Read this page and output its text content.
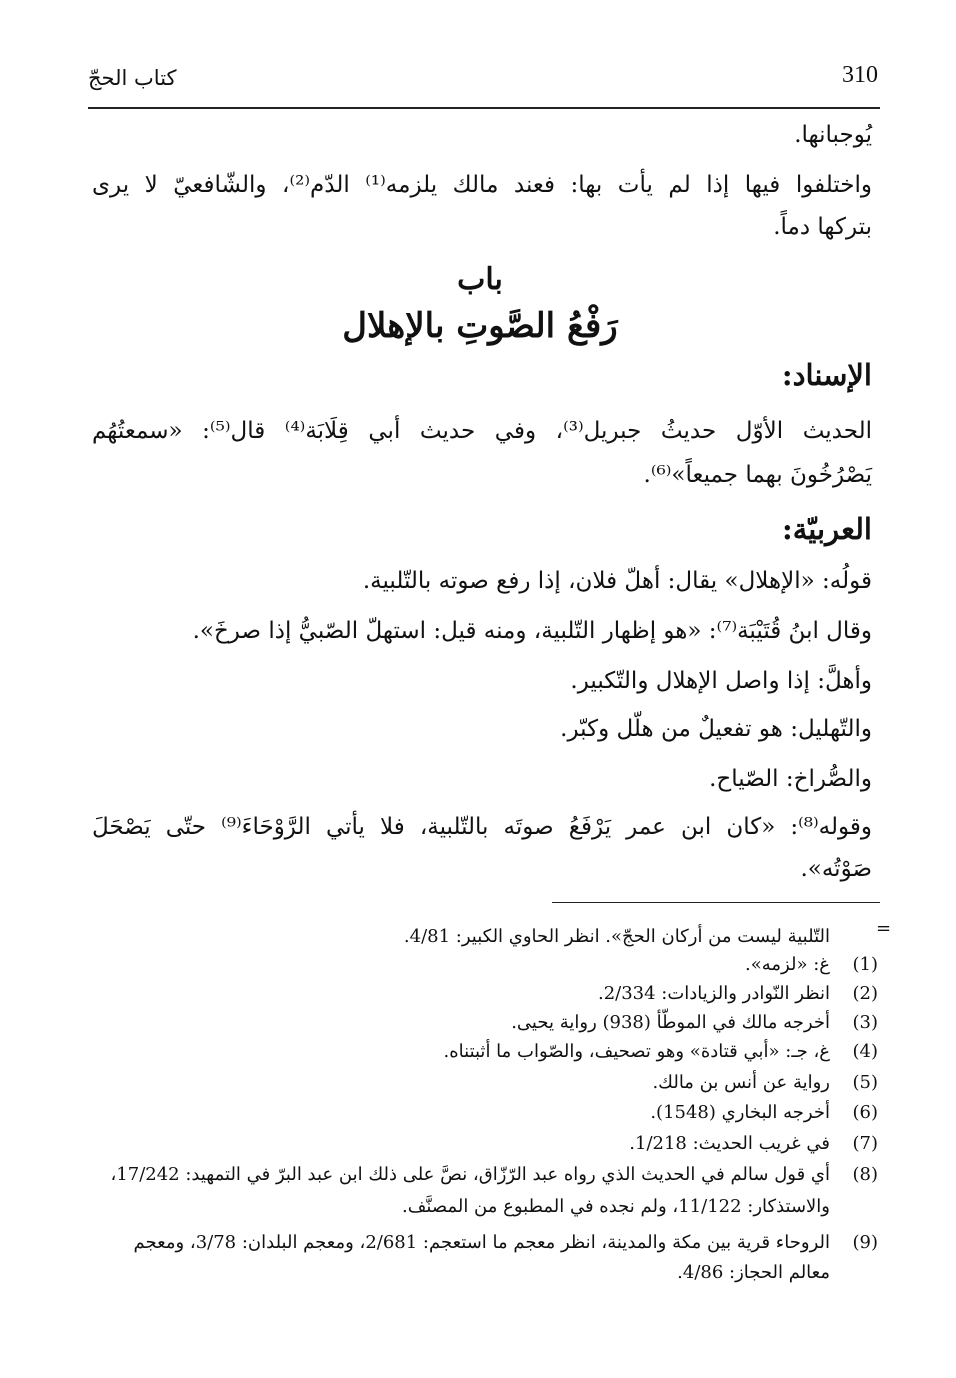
310
كتاب الحجّ
يُوجبانها.
واختلفوا فيها إذا لم يأت بها: فعند مالك يلزمه⁽¹⁾ الدّم⁽²⁾، والشّافعيّ لا يرى
بتركها دماً.
باب
رَفْعُ الصَّوتِ بالإهلال
الإسناد:
الحديث الأوّل حديثُ جبريل⁽³⁾، وفي حديث أبي قِلَابَة⁽⁴⁾ قال⁽⁵⁾: «سمعتُهُم
يَصْرُخُونَ بهما جميعاً»⁽⁶⁾.
العربيّة:
قولُه: «الإهلال» يقال: أهلّ فلان، إذا رفع صوته بالتّلبية.
وقال ابنُ قُتَيْبَة⁽⁷⁾: «هو إظهار التّلبية، ومنه قيل: استهلّ الصّبيُّ إذا صرخَ».
وأهلَّ: إذا واصل الإهلال والتّكبير.
والتّهليل: هو تفعيلٌ من هلّل وكبّر.
والصُّراخ: الصّياح.
وقوله⁽⁸⁾: «كان ابن عمر يَرْفَعُ صوتَه بالتّلبية، فلا يأتي الرَّوْحَاءَ⁽⁹⁾ حتّى يَصْحَلَ
صَوْتُه».
=
التّلبية ليست من أركان الحجّ». انظر الحاوي الكبير: 4/81.
(1)
غ: «لزمه».
(2)
انظر النّوادر والزيادات: 2/334.
(3)
أخرجه مالك في الموطّأ (938) رواية يحيى.
(4)
غ، جـ: «أبي قتادة» وهو تصحيف، والصّواب ما أثبتناه.
(5)
رواية عن أنس بن مالك.
(6)
أخرجه البخاري (1548).
(7)
في غريب الحديث: 1/218.
(8)
أي قول سالم في الحديث الذي رواه عبد الرّزّاق، نصَّ على ذلك ابن عبد البرّ في التمهيد: 17/242،
والاستذكار: 11/122، ولم نجده في المطبوع من المصنَّف.
(9)
الروحاء قرية بين مكة والمدينة، انظر معجم ما استعجم: 2/681، ومعجم البلدان: 3/78، ومعجم
معالم الحجاز: 4/86.
